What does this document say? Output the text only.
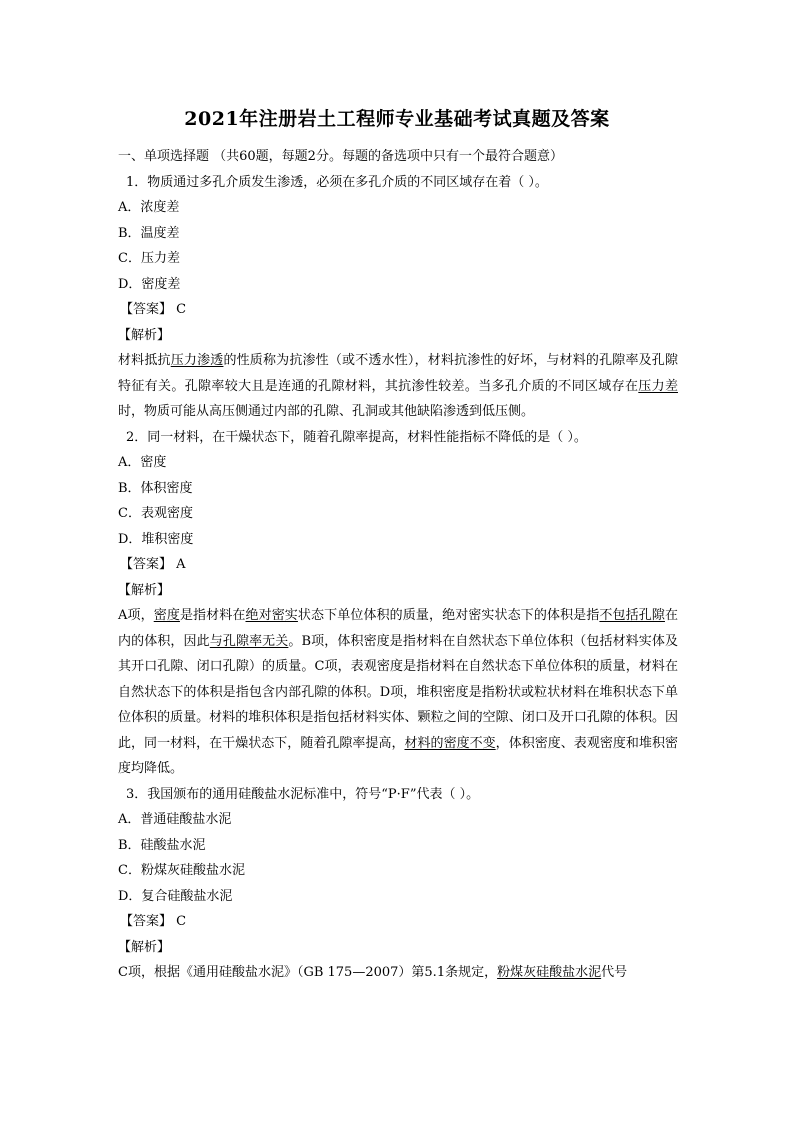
2021年注册岩土工程师专业基础考试真题及答案
一、单项选择题 （共60题，每题2分。每题的备选项中只有一个最符合题意）
1．物质通过多孔介质发生渗透，必须在多孔介质的不同区域存在着（ ）。
A．浓度差
B．温度差
C．压力差
D．密度差
【答案】 C
【解析】
材料抵抗压力渗透的性质称为抗渗性（或不透水性），材料抗渗性的好坏，与材料的孔隙率及孔隙特征有关。孔隙率较大且是连通的孔隙材料，其抗渗性较差。当多孔介质的不同区域存在压力差时，物质可能从高压侧通过内部的孔隙、孔洞或其他缺陷渗透到低压侧。
2．同一材料，在干燥状态下，随着孔隙率提高，材料性能指标不降低的是（ ）。
A．密度
B．体积密度
C．表观密度
D．堆积密度
【答案】 A
【解析】
A项，密度是指材料在绝对密实状态下单位体积的质量，绝对密实状态下的体积是指不包括孔隙在内的体积，因此与孔隙率无关。B项，体积密度是指材料在自然状态下单位体积（包括材料实体及其开口孔隙、闭口孔隙）的质量。C项，表观密度是指材料在自然状态下单位体积的质量，材料在自然状态下的体积是指包含内部孔隙的体积。D项，堆积密度是指粉状或粒状材料在堆积状态下单位体积的质量。材料的堆积体积是指包括材料实体、颗粒之间的空隙、闭口及开口孔隙的体积。因此，同一材料，在干燥状态下，随着孔隙率提高，材料的密度不变，体积密度、表观密度和堆积密度均降低。
3．我国颁布的通用硅酸盐水泥标准中，符号“P·F”代表（ ）。
A．普通硅酸盐水泥
B．硅酸盐水泥
C．粉煤灰硅酸盐水泥
D．复合硅酸盐水泥
【答案】 C
【解析】
C项，根据《通用硅酸盐水泥》（GB 175—2007）第5.1条规定，粉煤灰硅酸盐水泥代号
